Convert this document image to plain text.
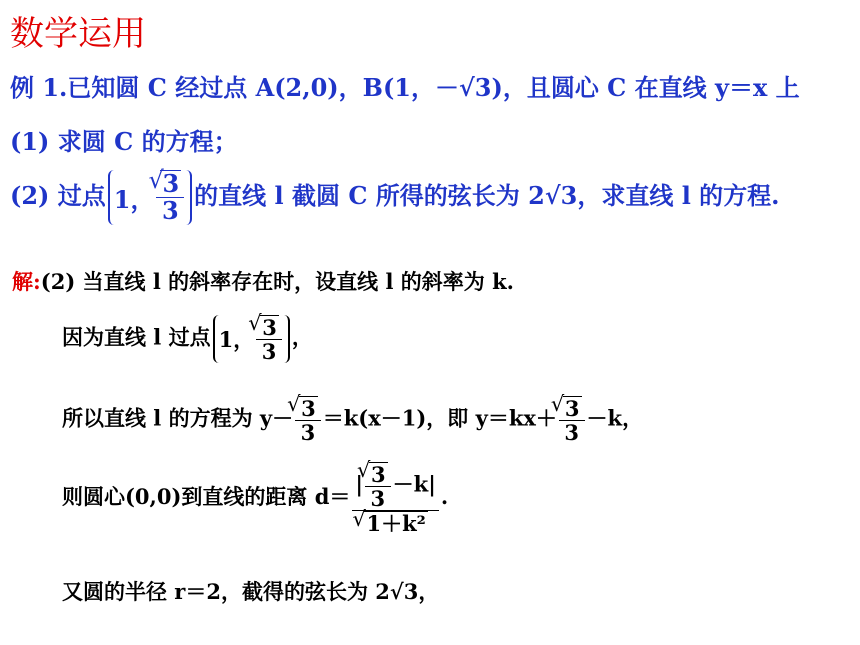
数学运用
例 1.已知圆 C 经过点 A(2,0)，B(1，－√3)，且圆心 C 在直线 y＝x 上
(1) 求圆 C 的方程；
(2) 过点 1， √ $\frac{3}{3}$ 的直线 l 截圆 C 所得的弦长为 2√3，求直线 l 的方程.
解:(2) 当直线 l 的斜率存在时，设直线 l 的斜率为 k.
因为直线 l 过点 1， √ $\frac{3}{3}$ ，
所以直线 l 的方程为 y－ √ $\frac{3}{3} =k(x-1)$，即 y＝kx＋ √ $\frac{3}{3} -k$，
则圆心(0,0)到直线的距离 d＝ | √ $\frac{3}{3} -k|$
√ 1＋k² .
又圆的半径 r＝2，截得的弦长为 2√3，
